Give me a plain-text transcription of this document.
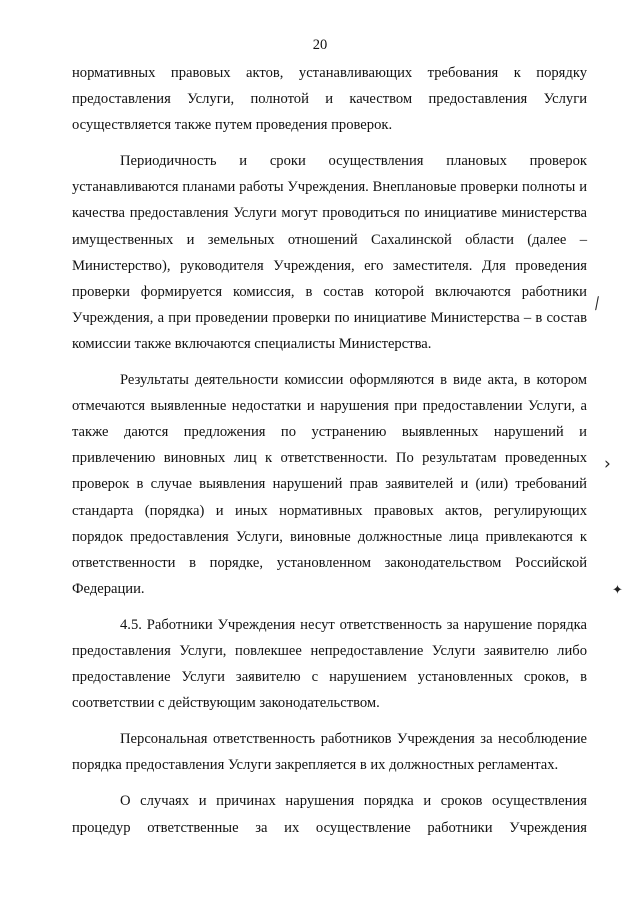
20

нормативных правовых актов, устанавливающих требования к порядку предоставления Услуги, полнотой и качеством предоставления Услуги осуществляется также путем проведения проверок.

Периодичность и сроки осуществления плановых проверок устанавливаются планами работы Учреждения. Внеплановые проверки полноты и качества предоставления Услуги могут проводиться по инициативе министерства имущественных и земельных отношений Сахалинской области (далее – Министерство), руководителя Учреждения, его заместителя. Для проведения проверки формируется комиссия, в состав которой включаются работники Учреждения, а при проведении проверки по инициативе Министерства – в состав комиссии также включаются специалисты Министерства.

Результаты деятельности комиссии оформляются в виде акта, в котором отмечаются выявленные недостатки и нарушения при предоставлении Услуги, а также даются предложения по устранению выявленных нарушений и привлечению виновных лиц к ответственности. По результатам проведенных проверок в случае выявления нарушений прав заявителей и (или) требований стандарта (порядка) и иных нормативных правовых актов, регулирующих порядок предоставления Услуги, виновные должностные лица привлекаются к ответственности в порядке, установленном законодательством Российской Федерации.

4.5. Работники Учреждения несут ответственность за нарушение порядка предоставления Услуги, повлекшее непредоставление Услуги заявителю либо предоставление Услуги заявителю с нарушением установленных сроков, в соответствии с действующим законодательством.

Персональная ответственность работников Учреждения за несоблюдение порядка предоставления Услуги закрепляется в их должностных регламентах.

О случаях и причинах нарушения порядка и сроков осуществления процедур ответственные за их осуществление работники Учреждения

⁄
›
✦
